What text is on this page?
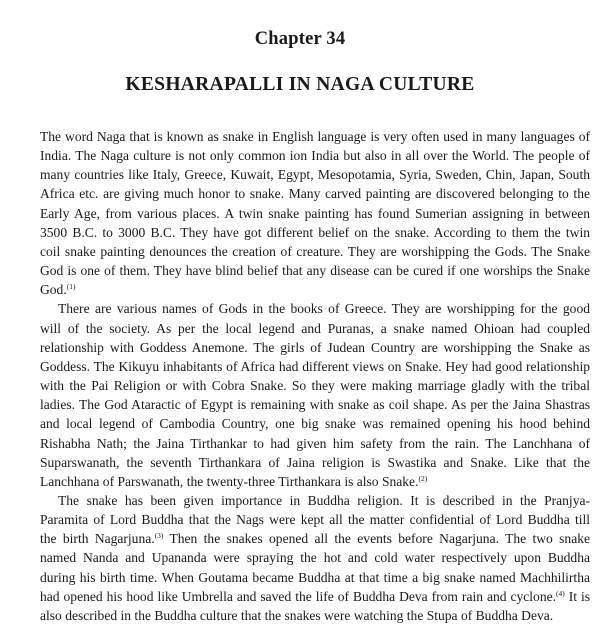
Chapter 34
KESHARAPALLI IN NAGA CULTURE

The word Naga that is known as snake in English language is very often used in many languages of
India. The Naga culture is not only common ion India but also in all over the World. The people of
many countries like Italy, Greece, Kuwait, Egypt, Mesopotamia, Syria, Sweden, Chin, Japan, South
Africa etc. are giving much honor to snake. Many carved painting are discovered belonging to the
Early Age, from various places. A twin snake painting has found Sumerian assigning in between
3500 B.C. to 3000 B.C. They have got different belief on the snake. According to them the twin
coil snake painting denounces the creation of creature. They are worshipping the Gods. The Snake
God is one of them. They have blind belief that any disease can be cured if one worships the Snake
God.$^{(1)}$

There are various names of Gods in the books of Greece. They are worshipping for the good
will of the society. As per the local legend and Puranas, a snake named Ohioan had coupled
relationship with Goddess Anemone. The girls of Judean Country are worshipping the Snake as
Goddess. The Kikuyu inhabitants of Africa had different views on Snake. Hey had good relationship
with the Pai Religion or with Cobra Snake. So they were making marriage gladly with the tribal
ladies. The God Ataractic of Egypt is remaining with snake as coil shape. As per the Jaina Shastras
and local legend of Cambodia Country, one big snake was remained opening his hood behind
Rishabha Nath; the Jaina Tirthankar to had given him safety from the rain. The Lanchhana of
Suparswanath, the seventh Tirthankara of Jaina religion is Swastika and Snake. Like that the
Lanchhana of Parswanath, the twenty-three Tirthankara is also Snake.$^{(2)}$

The snake has been given importance in Buddha religion. It is described in the Pranjya-
Paramita of Lord Buddha that the Nags were kept all the matter confidential of Lord Buddha till
the birth Nagarjuna.$^{(3)}$ Then the snakes opened all the events before Nagarjuna. The two snake
named Nanda and Upananda were spraying the hot and cold water respectively upon Buddha
during his birth time. When Goutama became Buddha at that time a big snake named Machhilirtha
had opened his hood like Umbrella and saved the life of Buddha Deva from rain and cyclone.$^{(4)}$ It is
also described in the Buddha culture that the snakes were watching the Stupa of Buddha Deva.
